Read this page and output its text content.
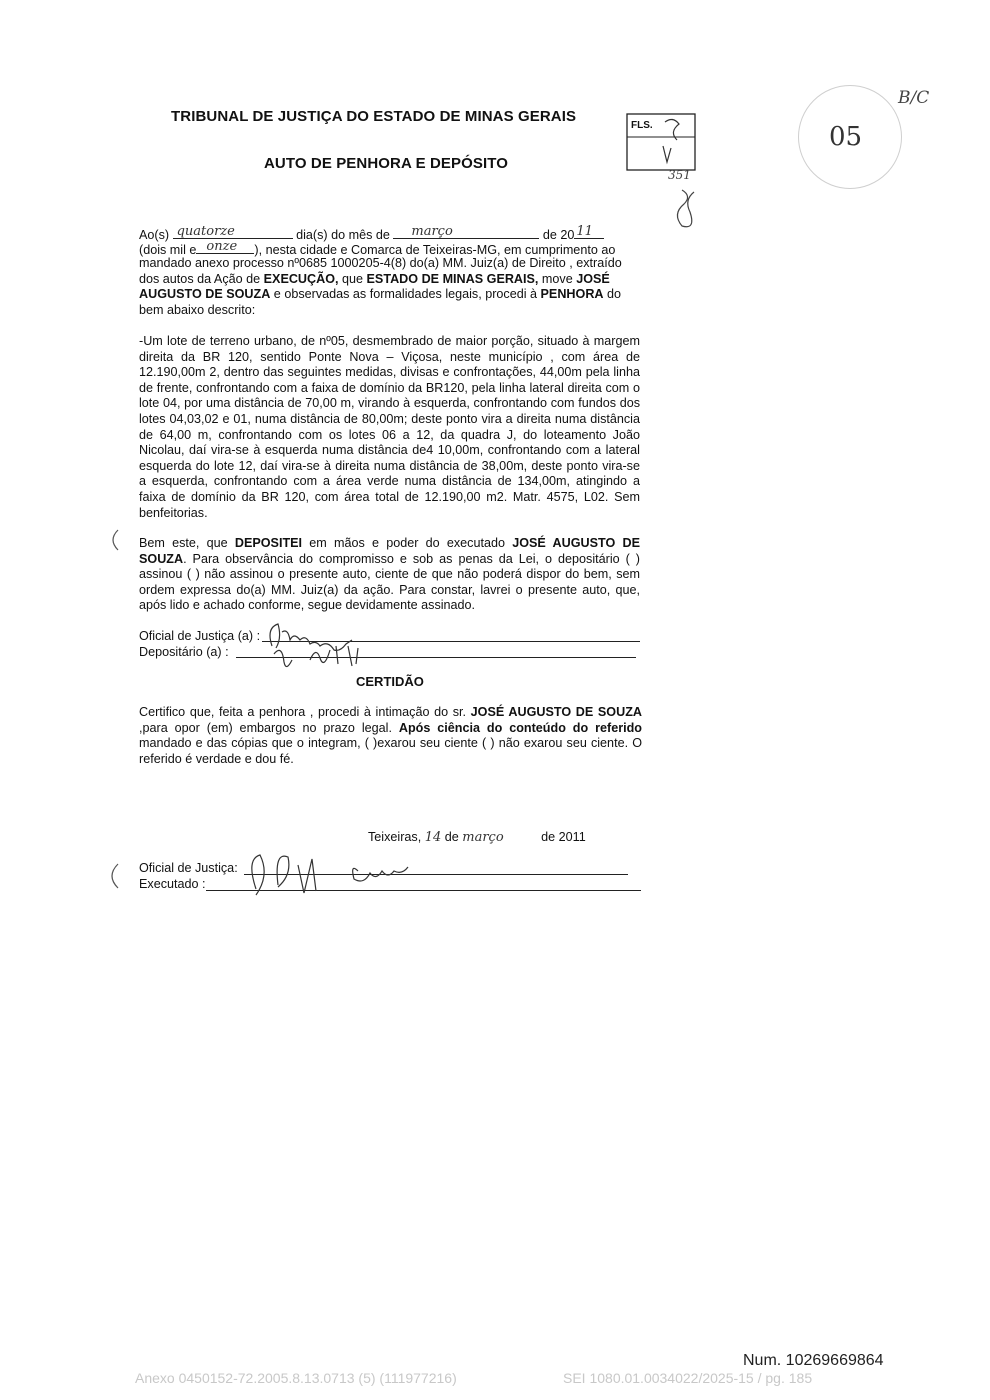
TRIBUNAL DE JUSTIÇA DO ESTADO DE MINAS GERAIS
AUTO DE PENHORA E DEPÓSITO
FLS.
351
05
B/C
Ao(s) quatorze	dia(s) do mês de março	de 20 11
(dois mil e onze ), nesta cidade e Comarca de Teixeiras-MG, em cumprimento ao
mandado anexo processo nº0685 1000205-4(8) do(a) MM. Juiz(a) de Direito , extraído
dos autos da Ação de EXECUÇÃO, que ESTADO DE MINAS GERAIS, move JOSÉ
AUGUSTO DE SOUZA e observadas as formalidades legais, procedi à PENHORA do
bem abaixo descrito:
-Um lote de terreno urbano, de nº05, desmembrado de maior porção, situado à margem direita da BR 120, sentido Ponte Nova – Viçosa, neste município , com área de 12.190,00m 2, dentro das seguintes medidas, divisas e confrontações, 44,00m pela linha de frente, confrontando com a faixa de domínio da BR120, pela linha lateral direita com o lote 04, por uma distância de 70,00 m, virando à esquerda, confrontando com fundos dos lotes 04,03,02 e 01, numa distância de 80,00m; deste ponto vira a direita numa distância de 64,00 m, confrontando com os lotes 06 a 12, da quadra J, do loteamento João Nicolau, daí vira-se à esquerda numa distância de4 10,00m, confrontando com a lateral esquerda do lote 12, daí vira-se à direita numa distância de 38,00m, deste ponto vira-se a esquerda, confrontando com a área verde numa distância de 134,00m, atingindo a faixa de domínio da BR 120, com área total de 12.190,00 m2. Matr. 4575, L02. Sem benfeitorias.
Bem este, que DEPOSITEI em mãos e poder do executado JOSÉ AUGUSTO DE SOUZA. Para observância do compromisso e sob as penas da Lei, o depositário ( ) assinou ( ) não assinou o presente auto, ciente de que não poderá dispor do bem, sem ordem expressa do(a) MM. Juiz(a) da ação. Para constar, lavrei o presente auto, que, após lido e achado conforme, segue devidamente assinado.
Oficial de Justiça (a) :
Depositário (a) :
CERTIDÃO
Certifico que, feita a penhora , procedi à intimação do sr. JOSÉ AUGUSTO DE SOUZA ,para opor (em) embargos no prazo legal. Após ciência do conteúdo do referido mandado e das cópias que o integram, ( )exarou seu ciente ( ) não exarou seu ciente. O referido é verdade e dou fé.
Teixeiras, 14 de março	de 2011
Oficial de Justiça:
Executado :
Num. 10269669864
Anexo 0450152-72.2005.8.13.0713 (5) (111977216)	SEI 1080.01.0034022/2025-15 / pg. 185
